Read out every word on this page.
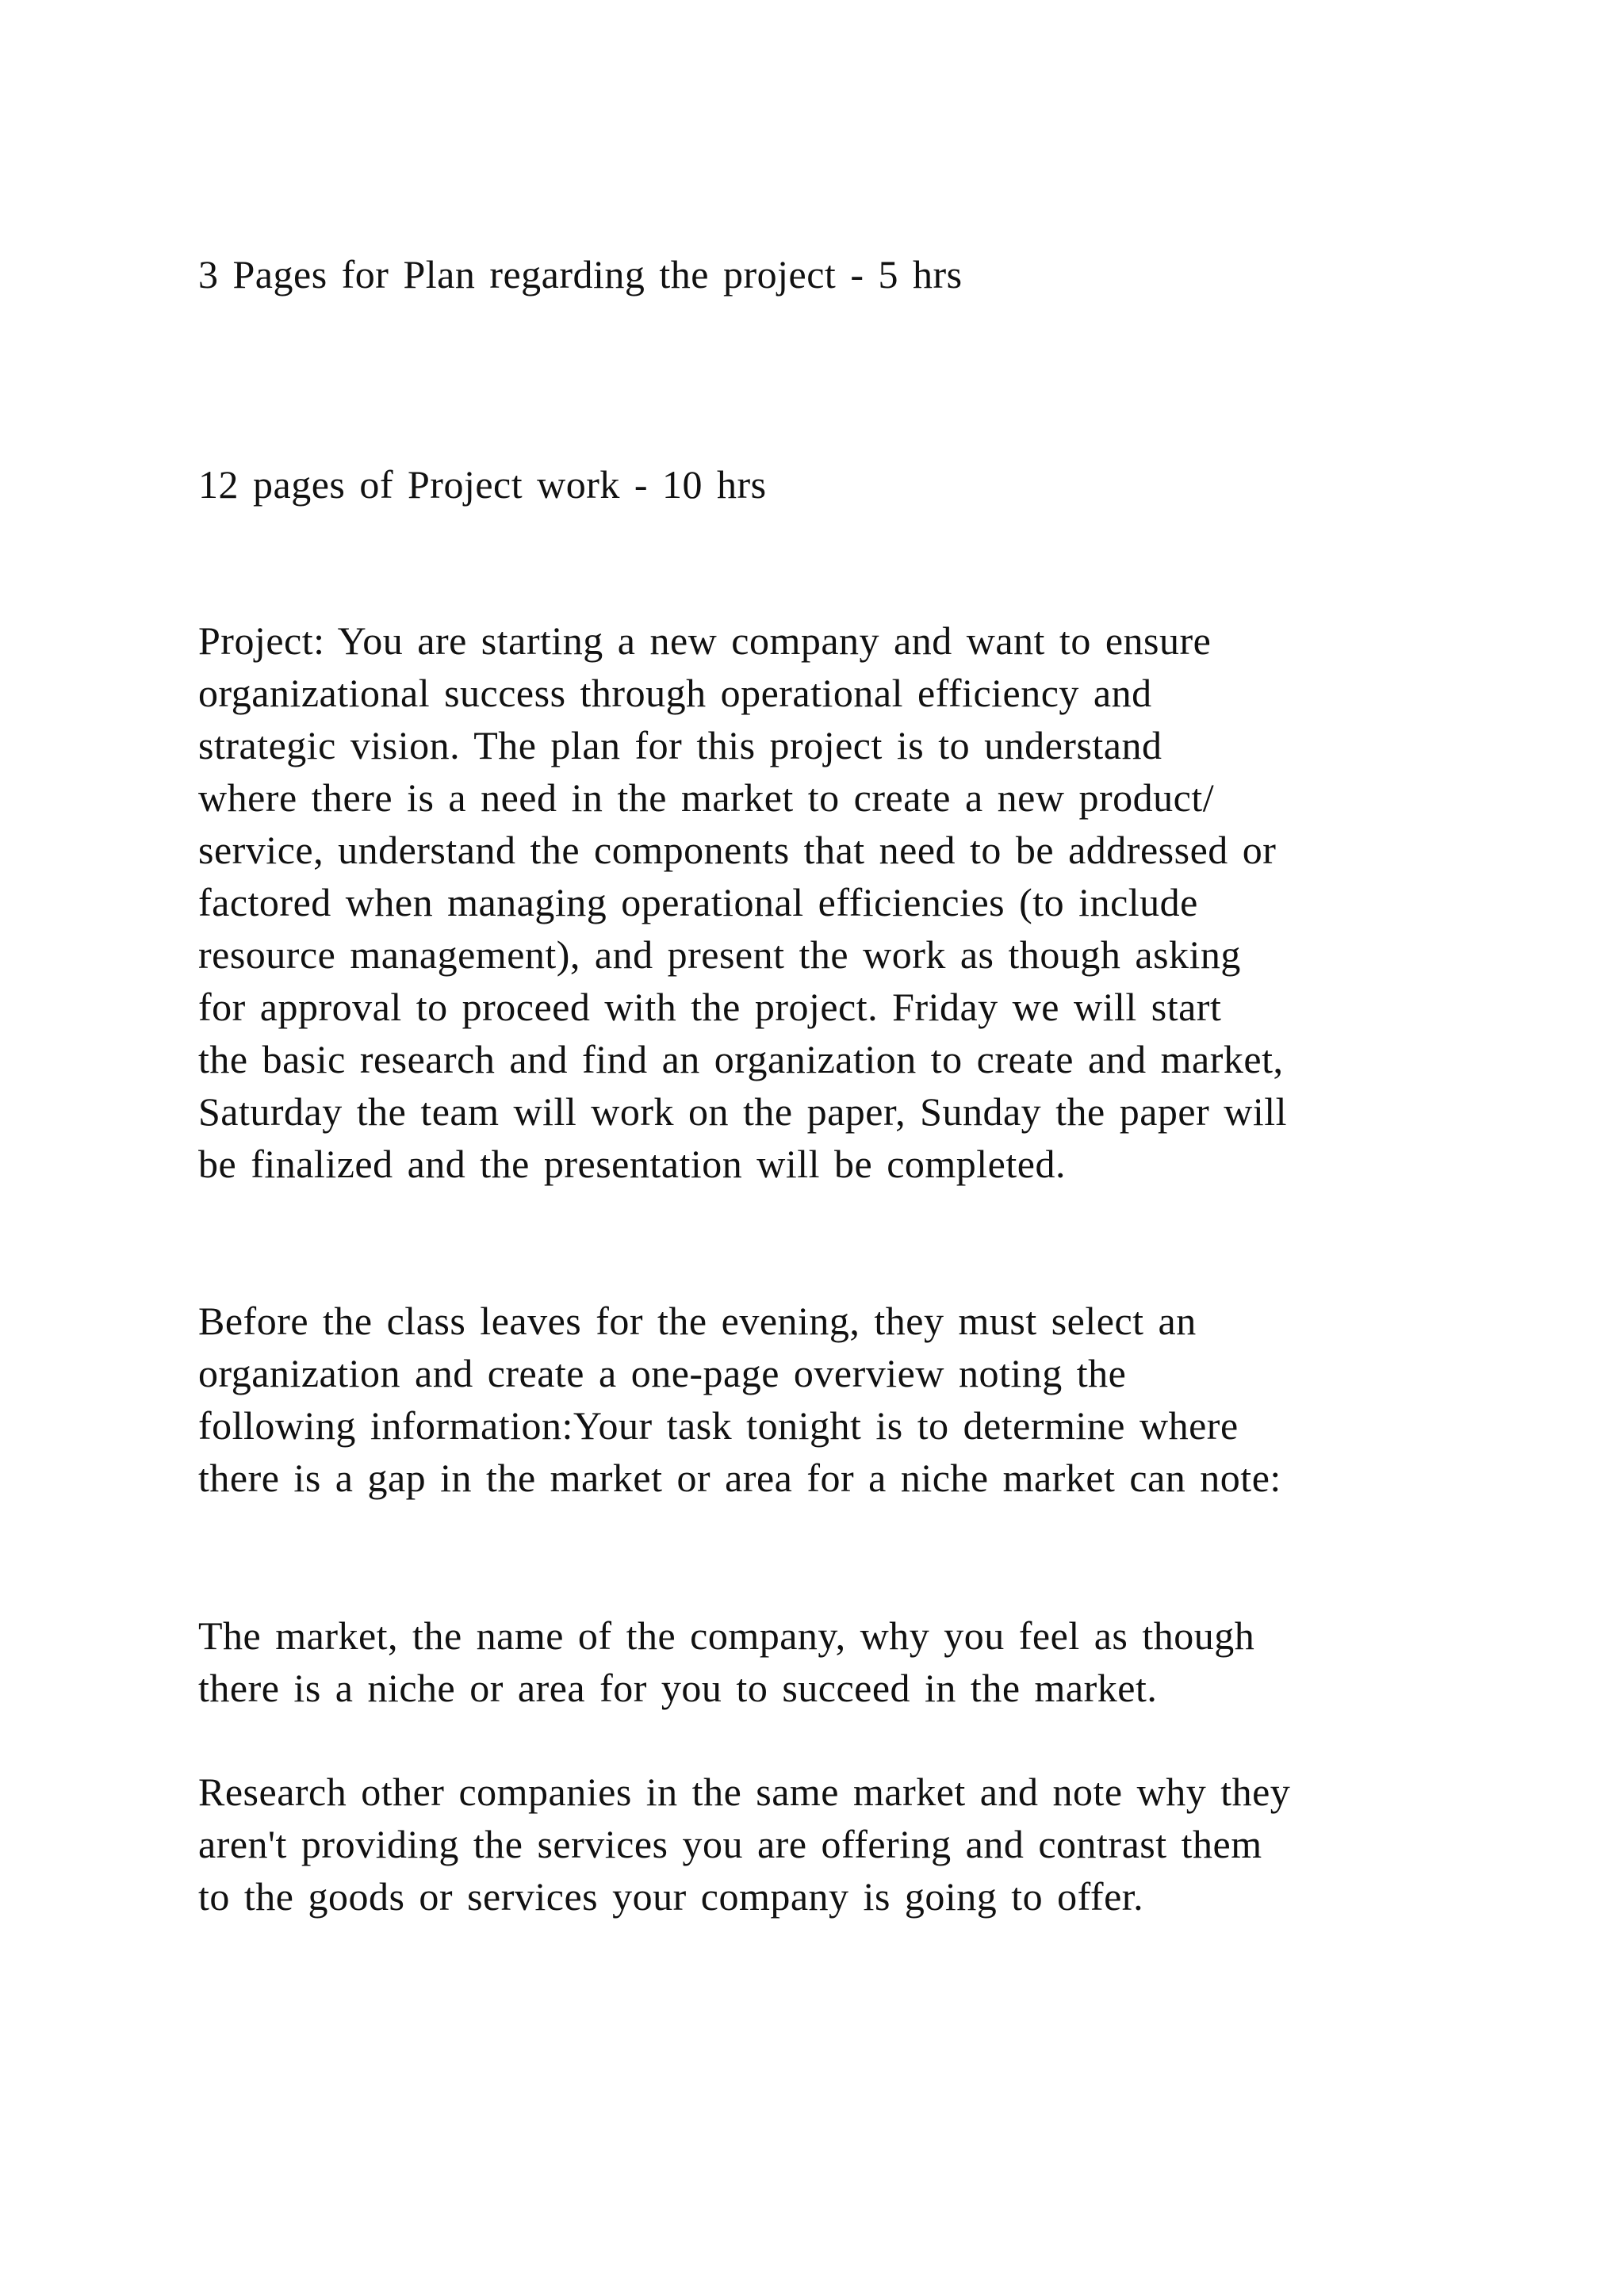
3 Pages for Plan regarding the project - 5 hrs

12 pages of Project work - 10 hrs

Project: You are starting a new company and want to ensure

organizational success through operational efficiency and

strategic vision. The plan for this project is to understand

where there is a need in the market to create a new product/

service, understand the components that need to be addressed or

factored when managing operational efficiencies (to include

resource management), and present the work as though asking

for approval to proceed with the project. Friday we will start

the basic research and find an organization to create and market,

Saturday the team will work on the paper, Sunday the paper will

be finalized and the presentation will be completed.

Before the class leaves for the evening, they must select an

organization and create a one-page overview noting the

following information:Your task tonight is to determine where

there is a gap in the market or area for a niche market can note:

The market, the name of the company, why you feel as though

there is a niche or area for you to succeed in the market.

Research other companies in the same market and note why they

aren't providing the services you are offering and contrast them

to the goods or services your company is going to offer.
